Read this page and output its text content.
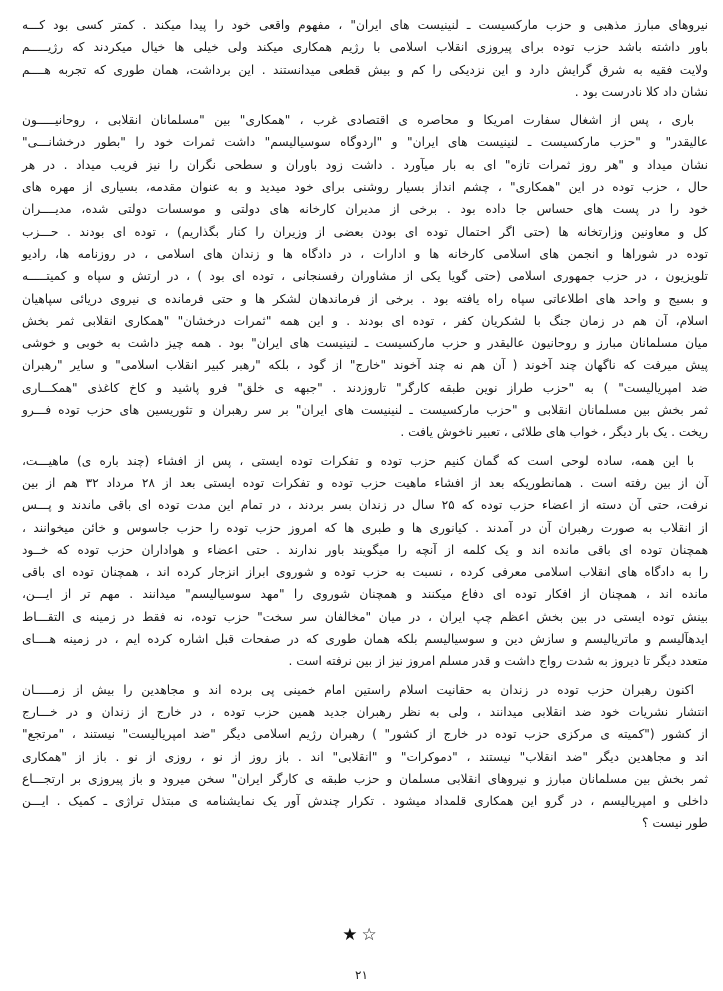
نیروهای مبارز مذهبی و حزب مارکسیست ـ لنینیست های ایران" ، مفهوم واقعی خود را پیدا میکند . کمتر کسی بود کـــه
باور داشته باشد حزب توده برای پیروزی انقلاب اسلامی با رژیم همکاری میکند ولی خیلی ها خیال میکردند که رژیـــــم
ولایت فقیه به شرق گرایش دارد و این نزدیکی را کم و بیش قطعی میدانستند . این برداشت، همان طوری که تجربه هــــم
نشان داد کلا نادرست بود .

باری ، پس از اشغال سفارت امریکا و محاصره ی اقتصادی غرب ، "همکاری" بین "مسلمانان انقلابی ، روحانیـــــون
عالیقدر" و "حزب مارکسیست ـ لنینیست های ایران" و "اردوگاه سوسیالیسم" داشت ثمرات خود را "بطور درخشانـــی"
نشان میداد و "هر روز ثمرات تازه" ای به بار میآورد . داشت زود باوران و سطحی نگران را نیز فریب میداد . در هر
حال ، حزب توده در این "همکاری" ، چشم انداز بسیار روشنی برای خود میدید و به عنوان مقدمه، بسیاری از مهره های
خود را در پست های حساس جا داده بود . برخی از مدیران کارخانه های دولتی و موسسات دولتی شده، مدیــــران
کل و معاونین وزارتخانه ها (حتی اگر احتمال توده ای بودن بعضی از وزیران را کنار بگذاریم) ، توده ای بودند . حـــزب
توده در شوراها و انجمن های اسلامی کارخانه ها و ادارات ، در دادگاه ها و زندان های اسلامی ، در روزنامه ها، رادیو
تلویزیون ، در حزب جمهوری اسلامی (حتی گویا یکی از مشاوران رفسنجانی ، توده ای بود ) ، در ارتش و سپاه و کمیتـــــه
و بسیج و واحد های اطلاعاتی سپاه راه یافته بود . برخی از فرماندهان لشکر ها و حتی فرمانده ی نیروی دریائی سپاهیان
اسلام، آن هم در زمان جنگ با لشکریان کفر ، توده ای بودند . و این همه "ثمرات درخشان" "همکاری انقلابی ثمر بخش
میان مسلمانان مبارز و روحانیون عالیقدر و حزب مارکسیست ـ لنینیست های ایران" بود . همه چیز داشت به خوبی و خوشی
پیش میرفت که ناگهان چند آخوند ( آن هم نه چند آخوند "خارج" از گود ، بلکه "رهبر کبیر انقلاب اسلامی" و سایر "رهبران
ضد امپریالیست" ) به "حزب طراز نوین طبقه کارگر" تاروزدند . "جبهه ی خلق" فرو پاشید و کاخ کاغذی "همکـــاری
ثمر بخش بین مسلمانان انقلابی و "حزب مارکسیست ـ لنینیست های ایران" بر سر رهبران و تئوریسین های حزب توده فـــرو
ریخت . یک بار دیگر ، خواب های طلائی ، تعبیر ناخوش یافت .

با این همه، ساده لوحی است که گمان کنیم حزب توده و تفکرات توده ایستی ، پس از افشاء (چند باره ی) ماهیـــت،
آن از بین رفته است . همانطوریکه بعد از افشاء ماهیت حزب توده و تفکرات توده ایستی بعد از ۲۸ مرداد ۳۲ هم از بین
نرفت، حتی آن دسته از اعضاء حزب توده که ۲۵ سال در زندان بسر بردند ، در تمام این مدت توده ای باقی ماندند و پـــس
از انقلاب به صورت رهبران آن در آمدند . کیانوری ها و طبری ها که امروز حزب توده را حزب جاسوس و خائن میخوانند ،
همچنان توده ای باقی مانده اند و یک کلمه از آنچه را میگویند باور ندارند . حتی اعضاء و هواداران حزب توده که خــود
را به دادگاه های انقلاب اسلامی معرفی کرده ، نسبت به حزب توده و شوروی ابراز انزجار کرده اند ، همچنان توده ای باقی
مانده اند ، همچنان از افکار توده ای دفاع میکنند و همچنان شوروی را "مهد سوسیالیسم" میدانند . مهم تر از ایـــن،
بینش توده ایستی در بین بخش اعظم چپ ایران ، در میان "مخالفان سر سخت" حزب توده، نه فقط در زمینه ی التقـــاط
ایدهآلیسم و ماتریالیسم و سازش دین و سوسیالیسم بلکه همان طوری که در صفحات قبل اشاره کرده ایم ، در زمینه هــــای
متعدد دیگر تا دیروز به شدت رواج داشت و قدر مسلم امروز نیز از بین نرفته است .

اکنون رهبران حزب توده در زندان به حقانیت اسلام راستین امام خمینی پی برده اند و مجاهدین را بیش از زمـــــان
انتشار نشریات خود ضد انقلابی میدانند ، ولی به نظر رهبران جدید همین حزب توده ، در خارج از زندان و در خـــارج
از کشور ("کمیته ی مرکزی حزب توده در خارج از کشور" ) رهبران رژیم اسلامی دیگر "ضد امپریالیست" نیستند ، "مرتجع"
اند و مجاهدین دیگر "ضد انقلاب" نیستند ، "دموکرات" و "انقلابی" اند . باز روز از نو ، روزی از نو . باز از "همکاری
ثمر بخش بین مسلمانان مبارز و نیروهای انقلابی مسلمان و حزب طبقه ی کارگر ایران" سخن میرود و باز پیروزی بر ارتجـــاع
داخلی و امپریالیسم ، در گرو این همکاری قلمداد میشود . تکرار چندش آور یک نمایشنامه ی مبتذل تراژی ـ کمیک . ایـــن
طور نیست ؟

★☆
۲۱
